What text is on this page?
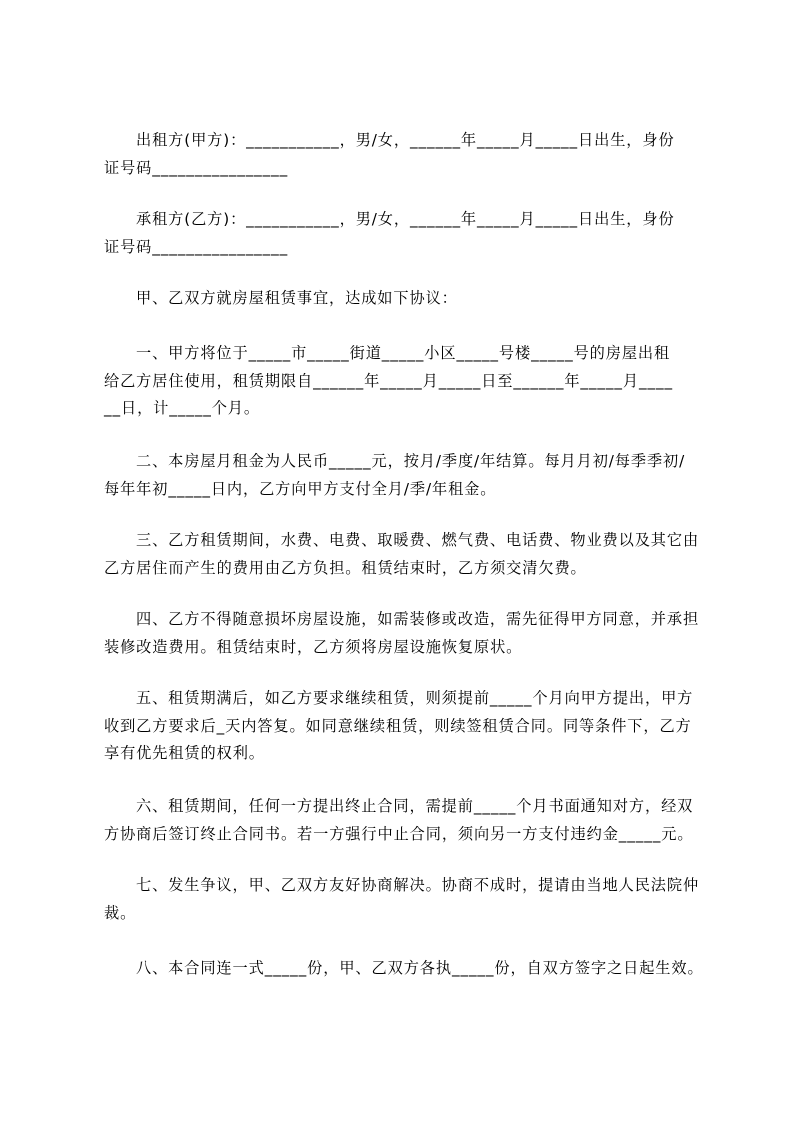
出租方(甲方)：___________，男/女，______年_____月_____日出生，身份
证号码________________
承租方(乙方)：___________，男/女，______年_____月_____日出生，身份
证号码________________
甲、乙双方就房屋租赁事宜，达成如下协议：
一、甲方将位于_____市_____街道_____小区_____号楼_____号的房屋出租
给乙方居住使用，租赁期限自______年_____月_____日至______年_____月____
__日，计_____个月。
二、本房屋月租金为人民币_____元，按月/季度/年结算。每月月初/每季季初/
每年年初_____日内，乙方向甲方支付全月/季/年租金。
三、乙方租赁期间，水费、电费、取暖费、燃气费、电话费、物业费以及其它由
乙方居住而产生的费用由乙方负担。租赁结束时，乙方须交清欠费。
四、乙方不得随意损坏房屋设施，如需装修或改造，需先征得甲方同意，并承担
装修改造费用。租赁结束时，乙方须将房屋设施恢复原状。
五、租赁期满后，如乙方要求继续租赁，则须提前_____个月向甲方提出，甲方
收到乙方要求后_天内答复。如同意继续租赁，则续签租赁合同。同等条件下，乙方
享有优先租赁的权利。
六、租赁期间，任何一方提出终止合同，需提前_____个月书面通知对方，经双
方协商后签订终止合同书。若一方强行中止合同，须向另一方支付违约金_____元。
七、发生争议，甲、乙双方友好协商解决。协商不成时，提请由当地人民法院仲
裁。
八、本合同连一式_____份，甲、乙双方各执_____份，自双方签字之日起生效。
